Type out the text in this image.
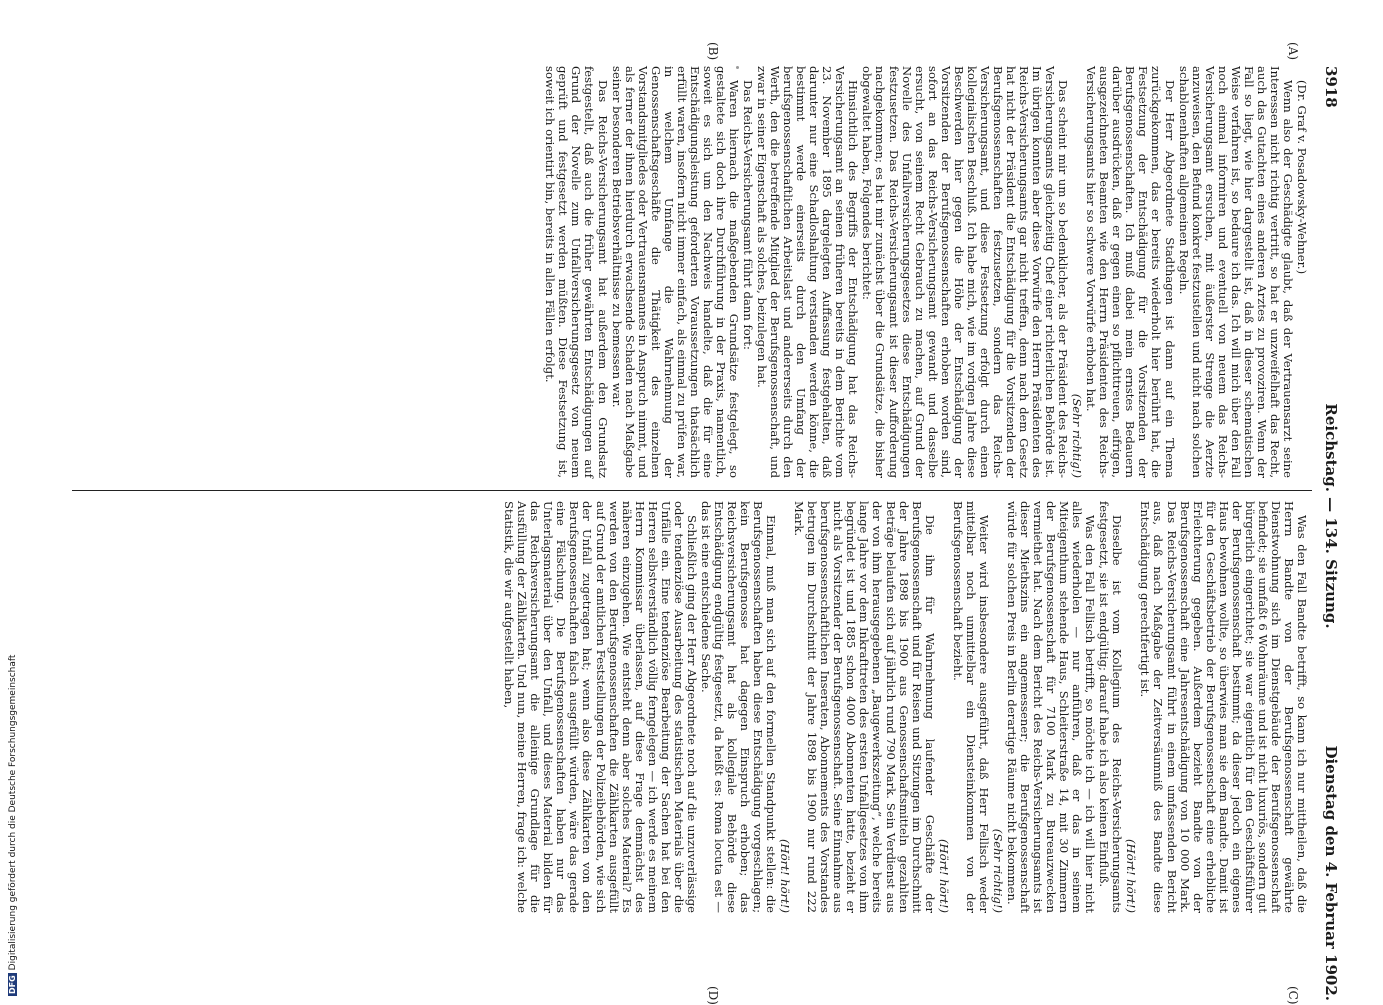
3918
Reichstag. — 134. Sitzung.
Dienstag den 4. Februar 1902.
(A)
(B)
(C)
(D)

(Dr. Graf v. Posadowsky-Wehner.)

Wenn also der Geschädigte glaubt, daß der Vertrauensarzt seine Interessen nicht richtig vertritt, so hat er unzweifelhaft das Recht, auch das Gutachten eines anderen Arztes zu provoziren. Wenn der Fall so liegt, wie hier dargestellt ist, daß in dieser schematischen Weise verfahren ist, so bedaure ich das. Ich will mich über den Fall noch einmal informiren und eventuell von neuem das Reichs-Versicherungsamt ersuchen, mit äußerster Strenge die Aerzte anzuweisen, den Befund konkret festzustellen und nicht nach solchen schablonenhaften allgemeinen Regeln.

Der Herr Abgeordnete Stadthagen ist dann auf ein Thema zurückgekommen, das er bereits wiederholt hier berührt hat, die Festsetzung der Entschädigung für die Vorsitzenden der Berufsgenossenschaften. Ich muß dabei mein ernstes Bedauern darüber ausdrücken, daß er gegen einen so pflichttreuen, eifrigen, ausgezeichneten Beamten wie den Herrn Präsidenten des Reichs-Versicherungsamts hier so schwere Vorwürfe erhoben hat.

(Sehr richtig!)

Das scheint mir um so bedenklicher, als der Präsident des Reichs-Versicherungsamts gleichzeitig Chef einer richterlichen Behörde ist. Im übrigen konnten aber diese Vorwürfe den Herrn Präsidenten des Reichs-Versicherungsamts gar nicht treffen, denn nach dem Gesetz hat nicht der Präsident die Entschädigung für die Vorsitzenden der Berufsgenossenschaften festzusetzen, sondern das Reichs-Versicherungsamt, und diese Festsetzung erfolgt durch einen kollegialischen Beschluß. Ich habe mich, wie im vorigen Jahre diese Beschwerden hier gegen die Höhe der Entschädigung der Vorsitzenden der Berufsgenossenschaften erhoben worden sind, sofort an das Reichs-Versicherungsamt gewandt und dasselbe ersucht, von seinem Recht Gebrauch zu machen, auf Grund der Novelle des Unfallversicherungsgesetzes diese Entschädigungen festzusetzen. Das Reichs-Versicherungsamt ist dieser Aufforderung nachgekommen; es hat mir zunächst über die Grundsätze, die bisher obgewaltet haben, Folgendes berichtet:

Hinsichtlich des Begriffs der Entschädigung hat das Reichs-Versicherungsamt an seinen früheren bereits in dem Berichte vom 23. November 1895 dargelegten Auffassung festgehalten, daß darunter nur eine Schadloshaltung verstanden werden könne, die bestimmt werde einerseits durch den Umfang der berufsgenossenschaftlichen Arbeitslast und andererseits durch den Werth, den die betreffende Mitglied der Berufsgenossenschaft, und zwar in seiner Eigenschaft als solches, beizulegen hat.

Das Reichs-Versicherungsamt führt dann fort:

Waren hiernach die maßgebenden Grundsätze festgelegt, so gestaltete sich doch ihre Durchführung in der Praxis, namentlich, soweit es sich um den Nachweis handelte, daß die für eine Entschädigungsleistung geforderten Voraussetzungen thatsächlich erfüllt waren, insofern nicht immer einfach, als einmal zu prüfen war, in welchem Umfange die Wahrnehmung der Genossenschaftsgeschäfte die Thätigkeit des einzelnen Vorstandsmitgliedes oder Vertrauensmannes in Anspruch nimmt, und als ferner der ihnen hierdurch erwachsende Schaden nach Maßgabe seiner besonderen Betriebsverhältnisse zu bemessen war.

Das Reichs-Versicherungsamt hat außerdem den Grundsatz festgestellt, daß auch die früher gewährten Entschädigungen auf Grund der Novelle zum Unfallversicherungsgesetz von neuem geprüft und festgesetzt werden müßten. Diese Festsetzung ist, soweit ich orientirt bin, bereits in allen Fällen erfolgt.

Was den Fall Bandte betrifft, so kann ich nur mittheilen, daß die Herrn Bandte von der Berufsgenossenschaft gewährte Dienstwohnung sich im Dienstgebäude der Berufsgenossenschaft befindet; sie umfaßt 6 Wohnräume und ist nicht luxuriös, sondern gut bürgerlich eingerichtet; sie war eigentlich für den Geschäftsführer der Berufsgenossenschaft bestimmt; da dieser jedoch ein eigenes Haus bewohnen wollte, so überwies man sie dem Bandte. Damit ist für den Geschäftsbetrieb der Berufsgenossenschaft eine erhebliche Erleichterung gegeben. Außerdem bezieht Bandte von der Berufsgenossenschaft eine Jahresentschädigung von 10 000 Mark. Das Reichs-Versicherungsamt führt in einem umfassenden Bericht aus, daß nach Maßgabe der Zeitversäumniß des Bandte diese Entschädigung gerechtfertigt ist.

(Hört! hört!)

Dieselbe ist vom Kollegium des Reichs-Versicherungsamts festgesetzt, sie ist endgültig; darauf habe ich also keinen Einfluß.

Was den Fall Fellisch betrifft, so möchte ich — ich will hier nicht alles wiederholen — nur anführen, daß er das in seinem Miteigenthum stehende Haus, Schleiterstraße 14, mit 30 Zimmern der Berufsgenossenschaft für 7100 Mark zu Bureauzwecken vermiethet hat. Nach dem Bericht des Reichs-Versicherungsamts ist dieser Miethszins ein angemessener; die Berufsgenossenschaft würde für solchen Preis in Berlin derartige Räume nicht bekommen.

(Sehr richtig!)

Weiter wird insbesondere ausgeführt, daß Herr Fellisch weder mittelbar noch unmittelbar ein Diensteinkommen von der Berufsgenossenschaft bezieht.

(Hört! hört!)

Die ihm für Wahrnehmung laufender Geschäfte der Berufsgenossenschaft und für Reisen und Sitzungen im Durchschnitt der Jahre 1898 bis 1900 aus Genossenschaftsmitteln gezahlten Beträge belaufen sich auf jährlich rund 790 Mark. Sein Verdienst aus der von ihm herausgegebenen „Baugewerkszeitung“, welche bereits lange Jahre vor dem Inkrafttreten des ersten Unfallgesetzes von ihm begründet ist und 1885 schon 4000 Abonnenten hatte, bezieht er nicht als Vorsitzender der Berufsgenossenschaft. Seine Einnahme aus berufsgenossenschaftlichen Inseraten, Abonnements des Vorstandes betrugen im Durchschnitt der Jahre 1898 bis 1900 nur rund 222 Mark.

(Hört! hört!)

Einmal, muß man sich auf den formellen Standpunkt stellen: die Berufsgenossenschaften haben diese Entschädigung vorgeschlagen; kein Berufsgenosse hat dagegen Einspruch erhoben; das Reichsversicherungsamt hat als kollegiale Behörde diese Entschädigung endgültig festgesetzt, da heißt es: Roma locuta est — das ist eine entschiedene Sache.

Schließlich ging der Herr Abgeordnete noch auf die unzuverlässige oder tendenziöse Ausarbeitung des statistischen Materials über die Unfälle ein. Eine tendenziöse Bearbeitung der Sachen hat bei den Herren selbstverständlich völlig ferngelegen — ich werde es meinem Herrn Kommissar überlassen, auf diese Frage demnächst des näheren einzugehen. Wie entsteht denn aber solches Material? Es werden von den Berufsgenossenschaften die Zählkarten ausgefüllt auf Grund der amtlichen Feststellungen der Polizeibehörden, wie sich der Unfall zugetragen hat; wenn also diese Zählkarten von den Berufsgenossenschaften falsch ausgefüllt würden, wäre das gerade eine Fälschung. Die Berufsgenossenschaften haben nur das Unterlagsmaterial über den Unfall, und dieses Material bilden für das Reichsversicherungsamt die alleinige Grundlage für die Ausfüllung der Zählkarten. Und nun, meine Herren, frage ich: welche Statistik, die wir aufgestellt haben,

DFGDigitalisierung gefördert durch die Deutsche Forschungsgemeinschaft
